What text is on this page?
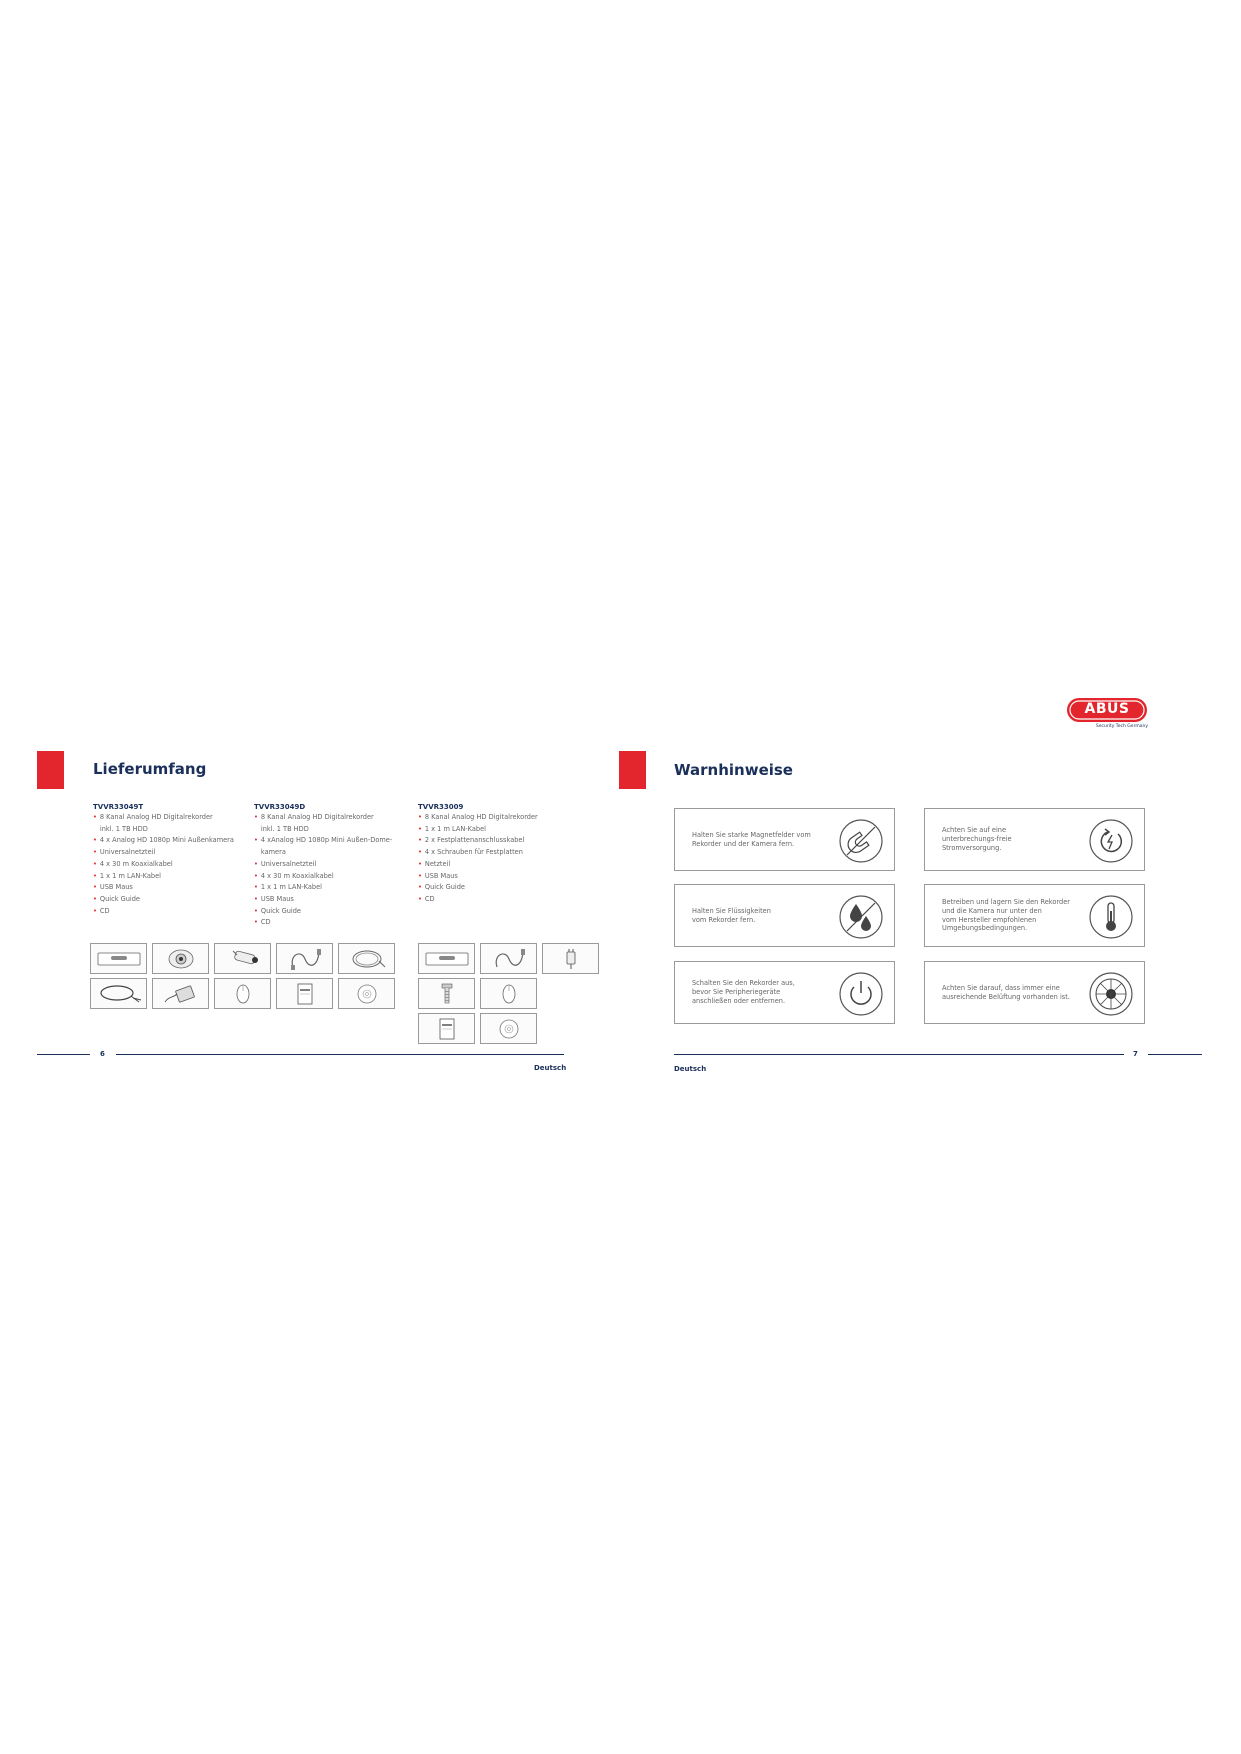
Lieferumfang
TVVR33049T
• 8 Kanal Analog HD Digitalrekorder
inkl. 1 TB HDD
• 4 x Analog HD 1080p Mini Außenkamera
• Universalnetzteil
• 4 x 30 m Koaxialkabel
• 1 x 1 m LAN-Kabel
• USB Maus
• Quick Guide
• CD
TVVR33049D
• 8 Kanal Analog HD Digitalrekorder
inkl. 1 TB HDD
• 4 xAnalog HD 1080p Mini Außen-Dome-
kamera
• Universalnetzteil
• 4 x 30 m Koaxialkabel
• 1 x 1 m LAN-Kabel
• USB Maus
• Quick Guide
• CD
TVVR33009
• 8 Kanal Analog HD Digitalrekorder
• 1 x 1 m LAN-Kabel
• 2 x Festplattenanschlusskabel
• 4 x Schrauben für Festplatten
• Netzteil
• USB Maus
• Quick Guide
• CD
6
Deutsch
ABUS
Security Tech Germany
Warnhinweise
Halten Sie starke Magnetfelder vom
Rekorder und der Kamera fern.
Achten Sie auf eine
unterbrechungs-freie
Stromversorgung.
Halten Sie Flüssigkeiten
vom Rekorder fern.
Betreiben und lagern Sie den Rekorder
und die Kamera nur unter den
vom Hersteller empfohlenen
Umgebungsbedingungen.
Schalten Sie den Rekorder aus,
bevor Sie Peripheriegeräte
anschließen oder entfernen.
Achten Sie darauf, dass immer eine
ausreichende Belüftung vorhanden ist.
7
Deutsch
